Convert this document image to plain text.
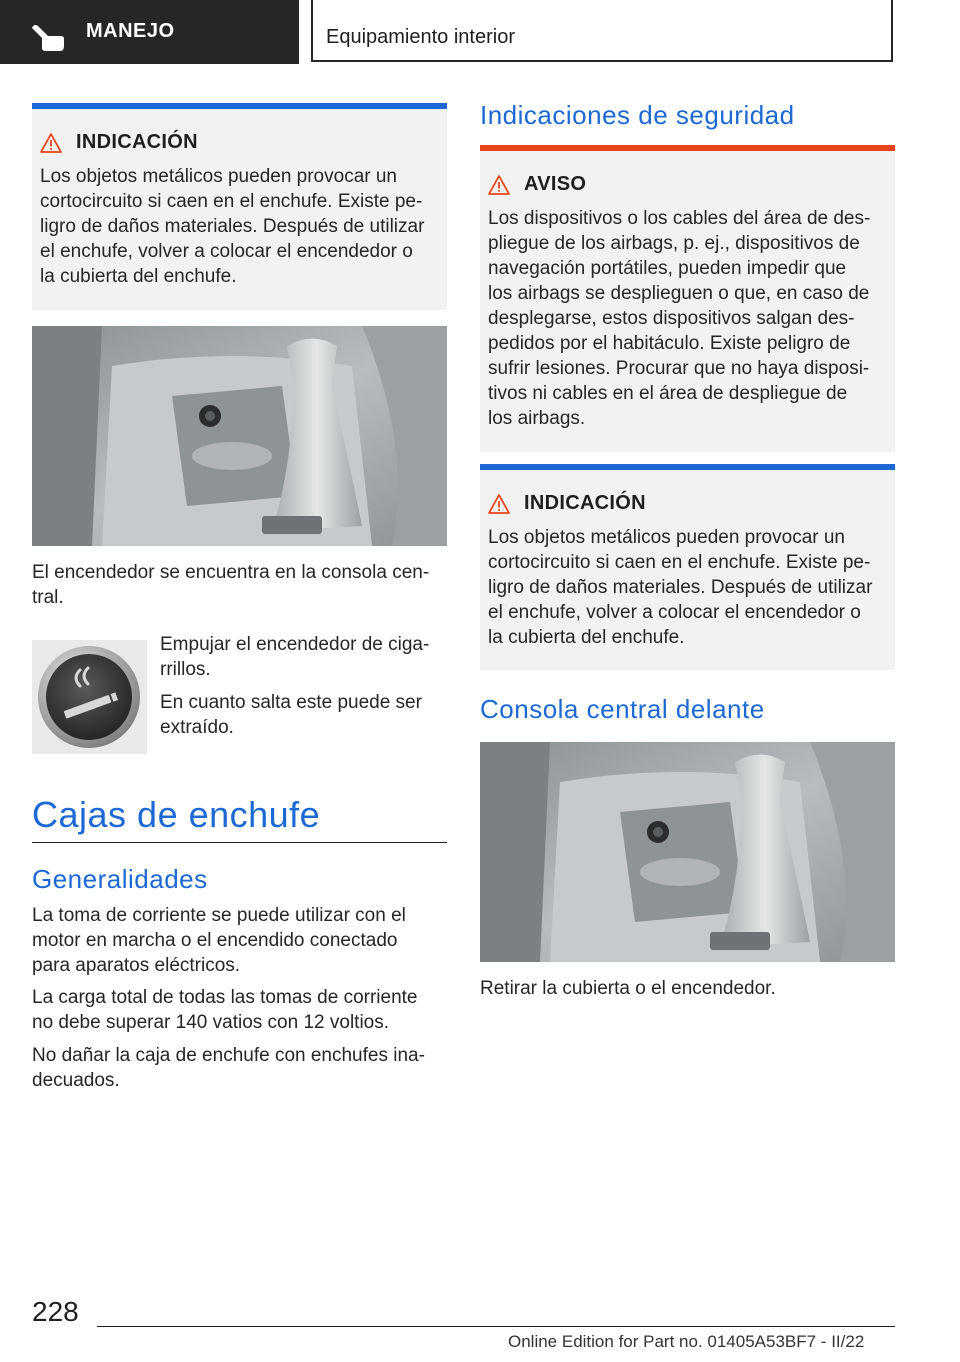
MANEJO	Equipamiento interior
INDICACIÓN
Los objetos metálicos pueden provocar un
cortocircuito si caen en el enchufe. Existe pe-
ligro de daños materiales. Después de utilizar
el enchufe, volver a colocar el encendedor o
la cubierta del enchufe.
El encendedor se encuentra en la consola cen-
tral.
Empujar el encendedor de ciga-
rrillos.
En cuanto salta este puede ser
extraído.
Cajas de enchufe
Generalidades
La toma de corriente se puede utilizar con el
motor en marcha o el encendido conectado
para aparatos eléctricos.
La carga total de todas las tomas de corriente
no debe superar 140 vatios con 12 voltios.
No dañar la caja de enchufe con enchufes ina-
decuados.
Indicaciones de seguridad
AVISO
Los dispositivos o los cables del área de des-
pliegue de los airbags, p. ej., dispositivos de
navegación portátiles, pueden impedir que
los airbags se desplieguen o que, en caso de
desplegarse, estos dispositivos salgan des-
pedidos por el habitáculo. Existe peligro de
sufrir lesiones. Procurar que no haya disposi-
tivos ni cables en el área de despliegue de
los airbags.
INDICACIÓN
Los objetos metálicos pueden provocar un
cortocircuito si caen en el enchufe. Existe pe-
ligro de daños materiales. Después de utilizar
el enchufe, volver a colocar el encendedor o
la cubierta del enchufe.
Consola central delante
Retirar la cubierta o el encendedor.
228
Online Edition for Part no. 01405A53BF7 - II/22
